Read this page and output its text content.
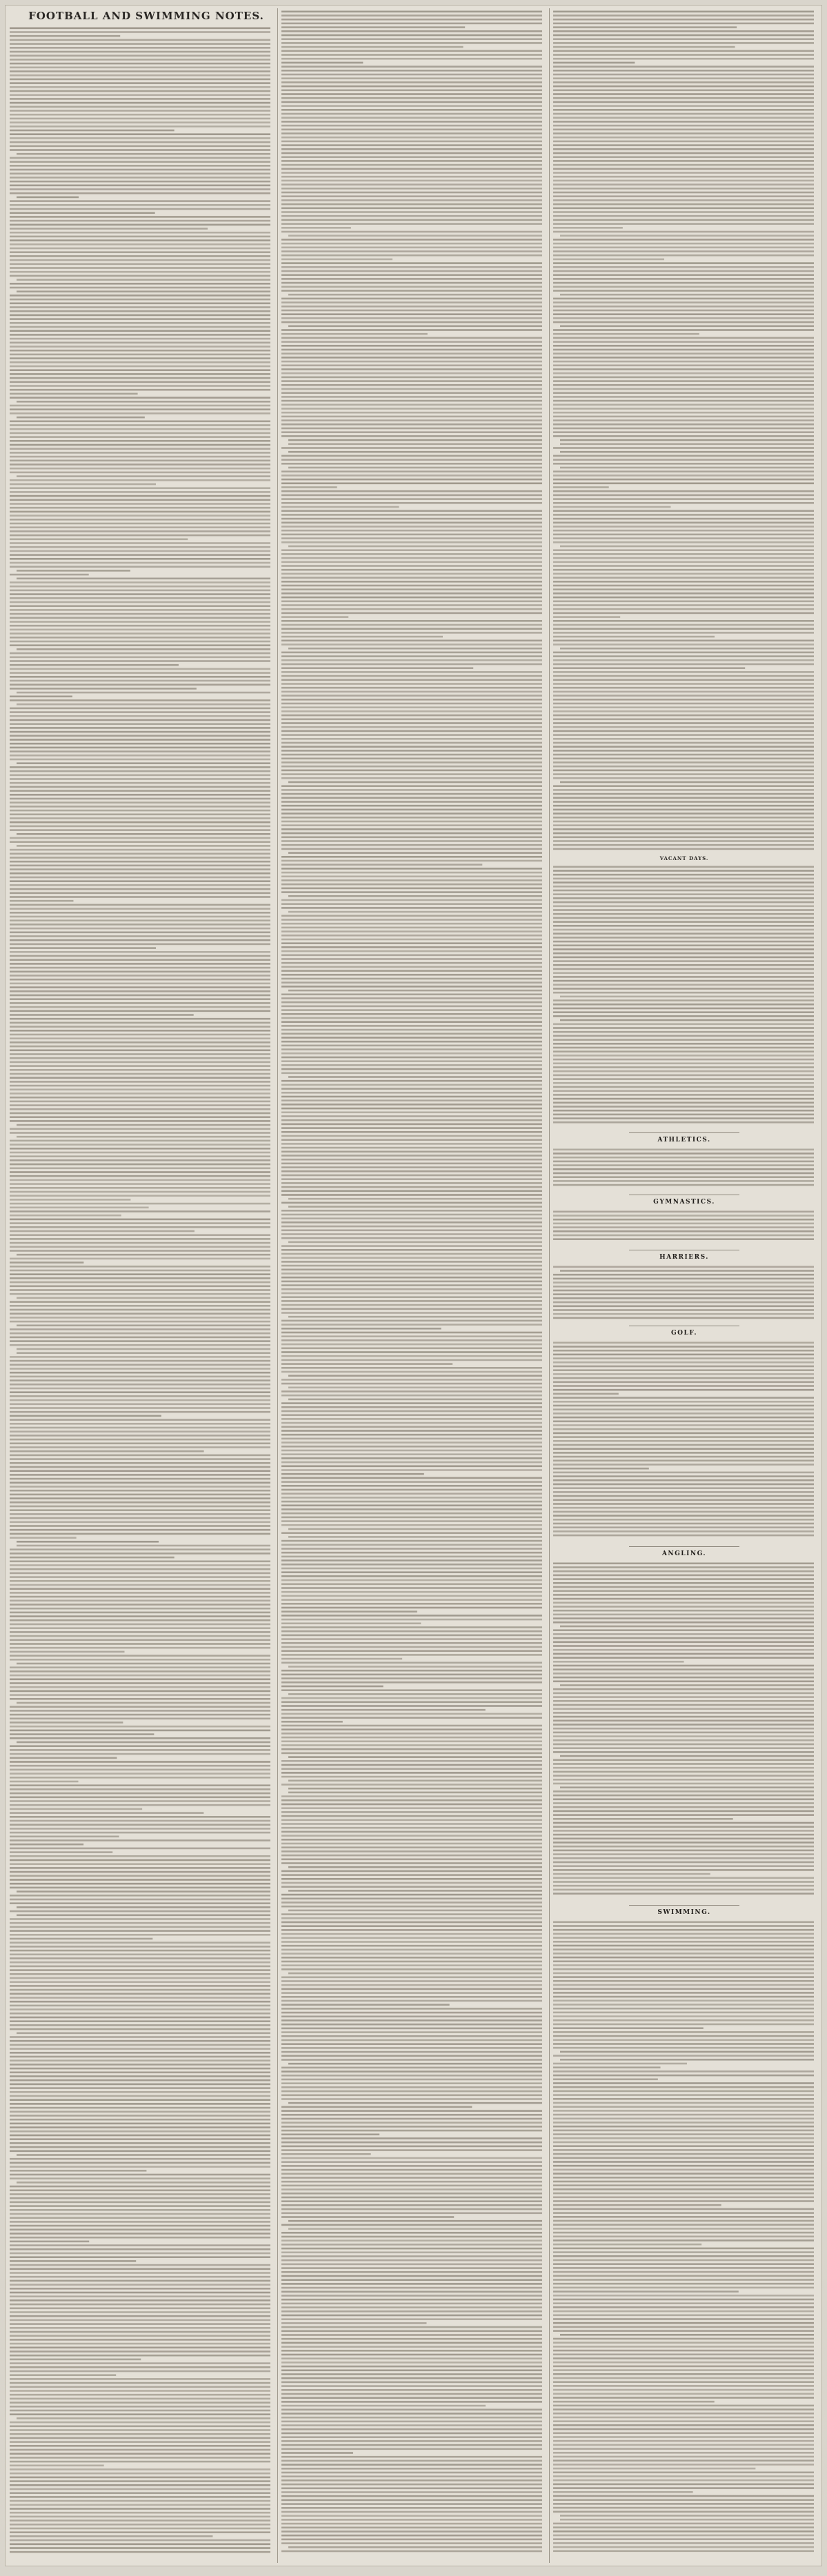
FOOTBALL AND SWIMMING NOTES.
VACANT DAYS.
ATHLETICS.
GYMNASTICS.
HARRIERS.
GOLF.
ANGLING.
SWIMMING.
